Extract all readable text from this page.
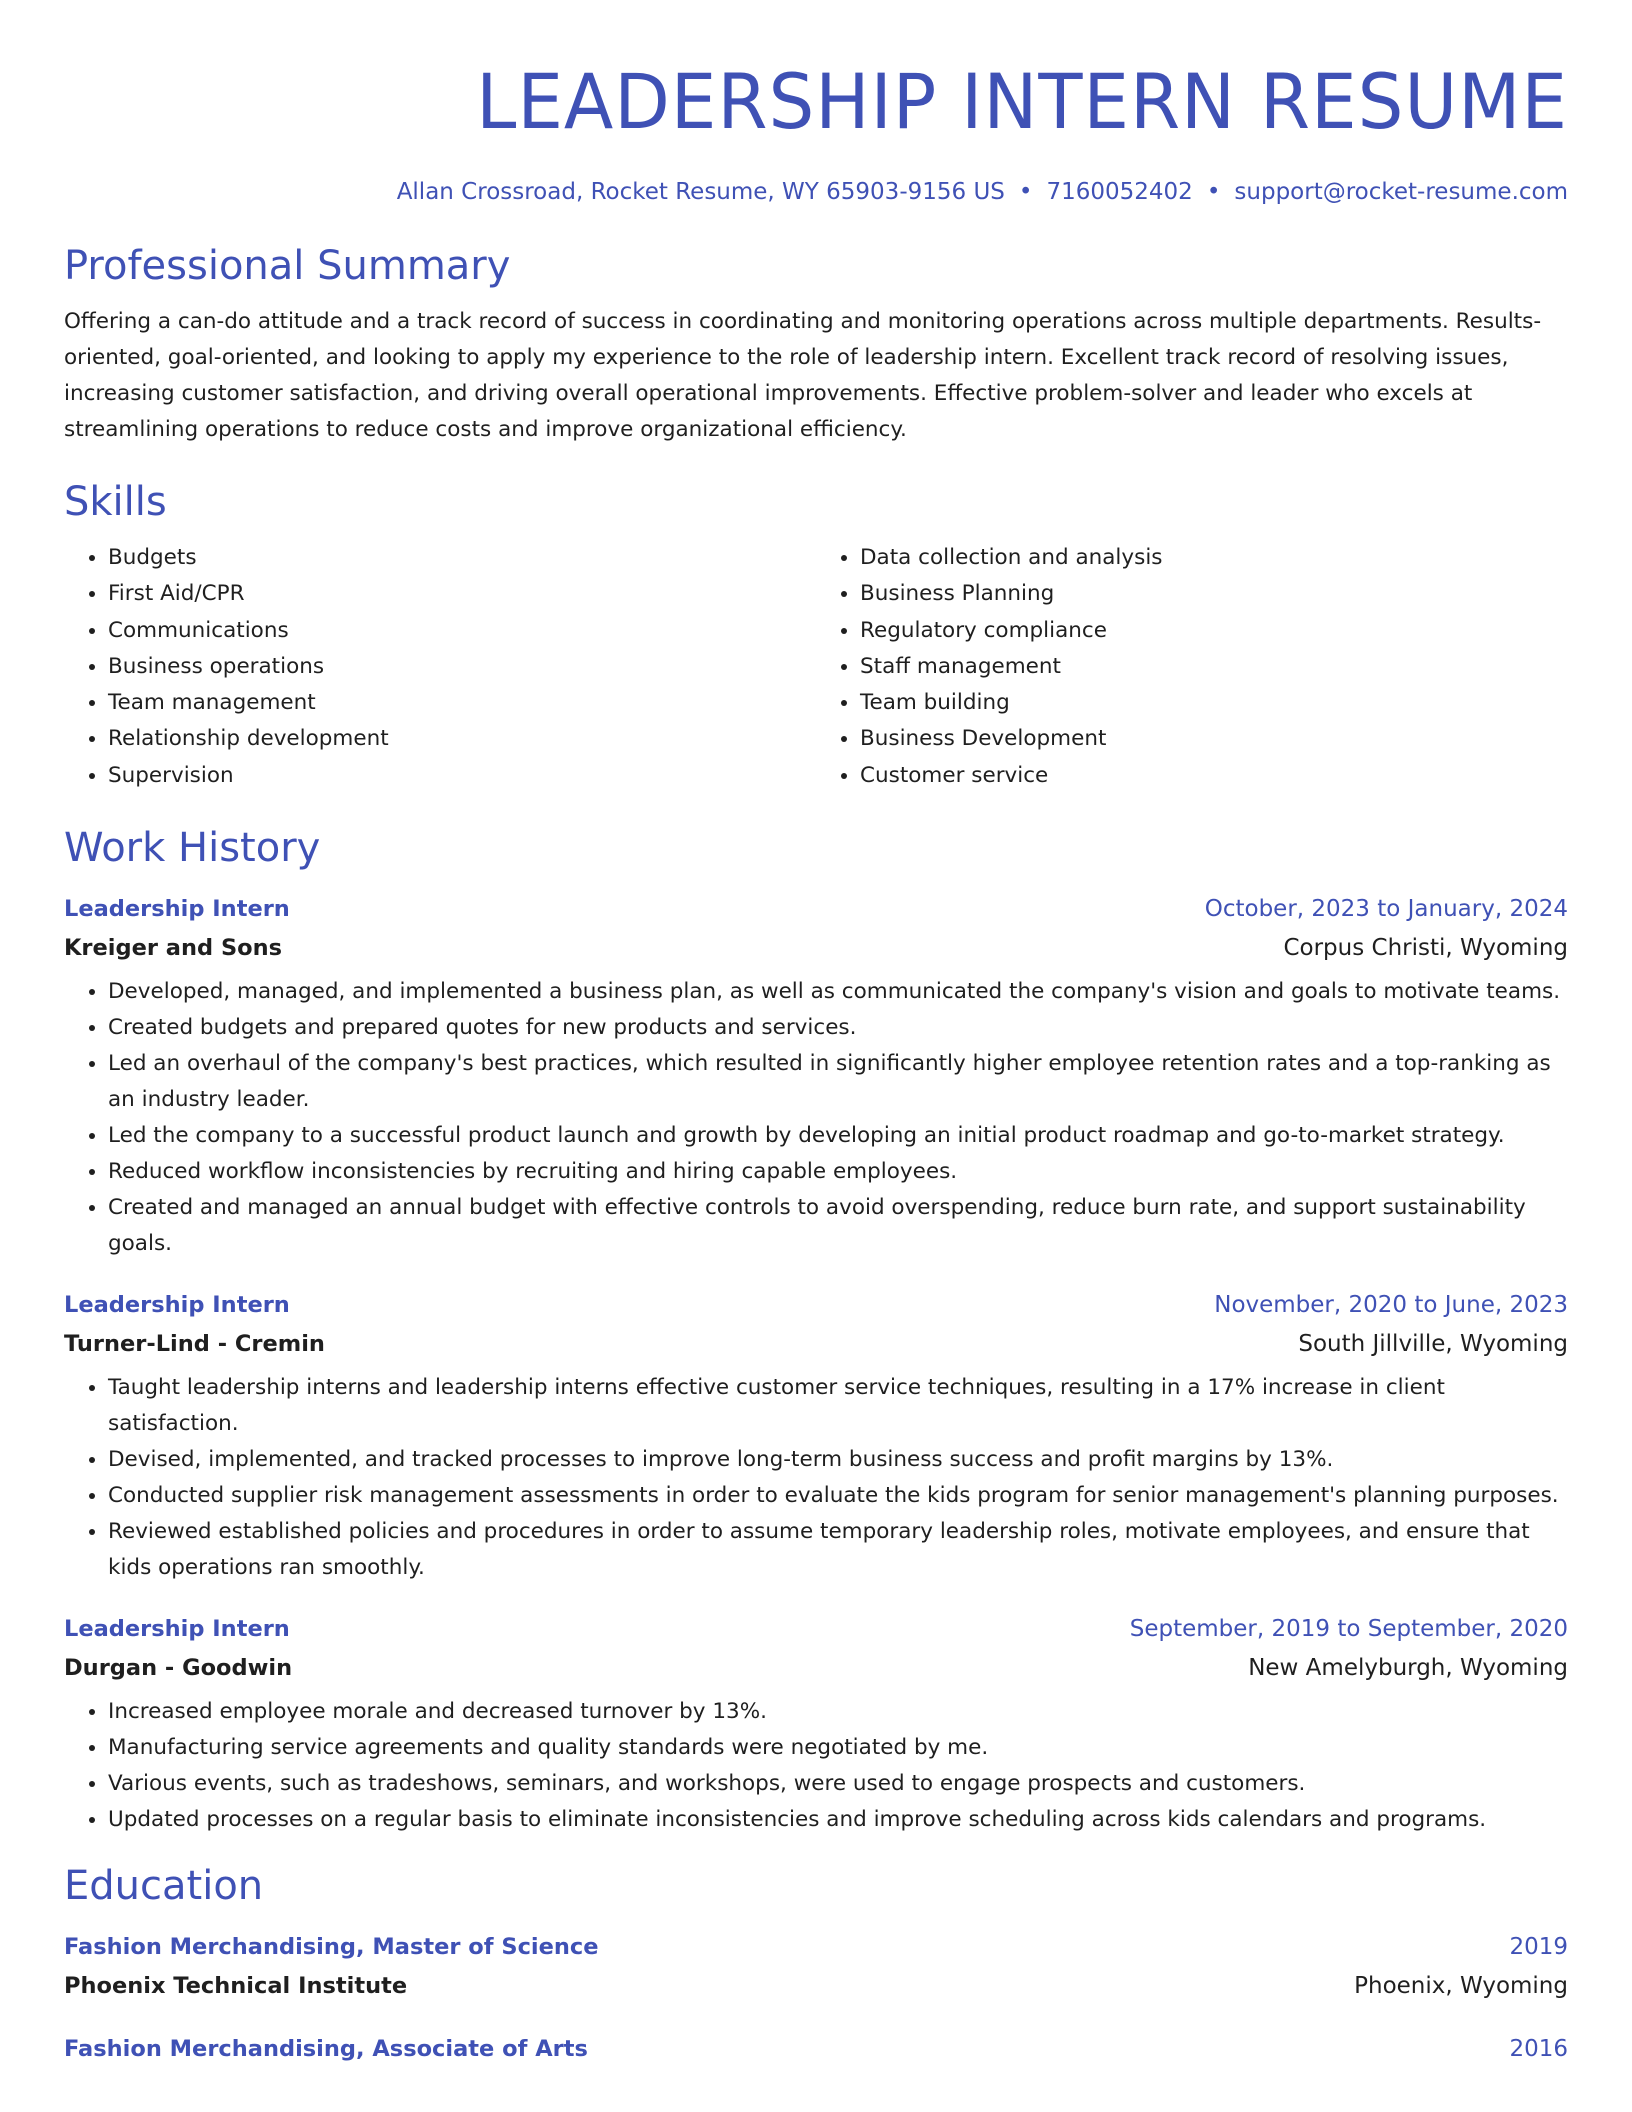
LEADERSHIP INTERN RESUME
Allan Crossroad, Rocket Resume, WY 65903-9156 US • 7160052402 • support@rocket-resume.com
Professional Summary
Offering a can-do attitude and a track record of success in coordinating and monitoring operations across multiple departments. Results-oriented, goal-oriented, and looking to apply my experience to the role of leadership intern. Excellent track record of resolving issues, increasing customer satisfaction, and driving overall operational improvements. Effective problem-solver and leader who excels at streamlining operations to reduce costs and improve organizational efficiency.
Skills
• Budgets
• First Aid/CPR
• Communications
• Business operations
• Team management
• Relationship development
• Supervision
• Data collection and analysis
• Business Planning
• Regulatory compliance
• Staff management
• Team building
• Business Development
• Customer service
Work History
Leadership Intern	October, 2023 to January, 2024
Kreiger and Sons	Corpus Christi, Wyoming
• Developed, managed, and implemented a business plan, as well as communicated the company's vision and goals to motivate teams.
• Created budgets and prepared quotes for new products and services.
• Led an overhaul of the company's best practices, which resulted in significantly higher employee retention rates and a top-ranking as an industry leader.
• Led the company to a successful product launch and growth by developing an initial product roadmap and go-to-market strategy.
• Reduced workflow inconsistencies by recruiting and hiring capable employees.
• Created and managed an annual budget with effective controls to avoid overspending, reduce burn rate, and support sustainability goals.
Leadership Intern	November, 2020 to June, 2023
Turner-Lind - Cremin	South Jillville, Wyoming
• Taught leadership interns and leadership interns effective customer service techniques, resulting in a 17% increase in client satisfaction.
• Devised, implemented, and tracked processes to improve long-term business success and profit margins by 13%.
• Conducted supplier risk management assessments in order to evaluate the kids program for senior management's planning purposes.
• Reviewed established policies and procedures in order to assume temporary leadership roles, motivate employees, and ensure that kids operations ran smoothly.
Leadership Intern	September, 2019 to September, 2020
Durgan - Goodwin	New Amelyburgh, Wyoming
• Increased employee morale and decreased turnover by 13%.
• Manufacturing service agreements and quality standards were negotiated by me.
• Various events, such as tradeshows, seminars, and workshops, were used to engage prospects and customers.
• Updated processes on a regular basis to eliminate inconsistencies and improve scheduling across kids calendars and programs.
Education
Fashion Merchandising, Master of Science	2019
Phoenix Technical Institute	Phoenix, Wyoming
Fashion Merchandising, Associate of Arts	2016
